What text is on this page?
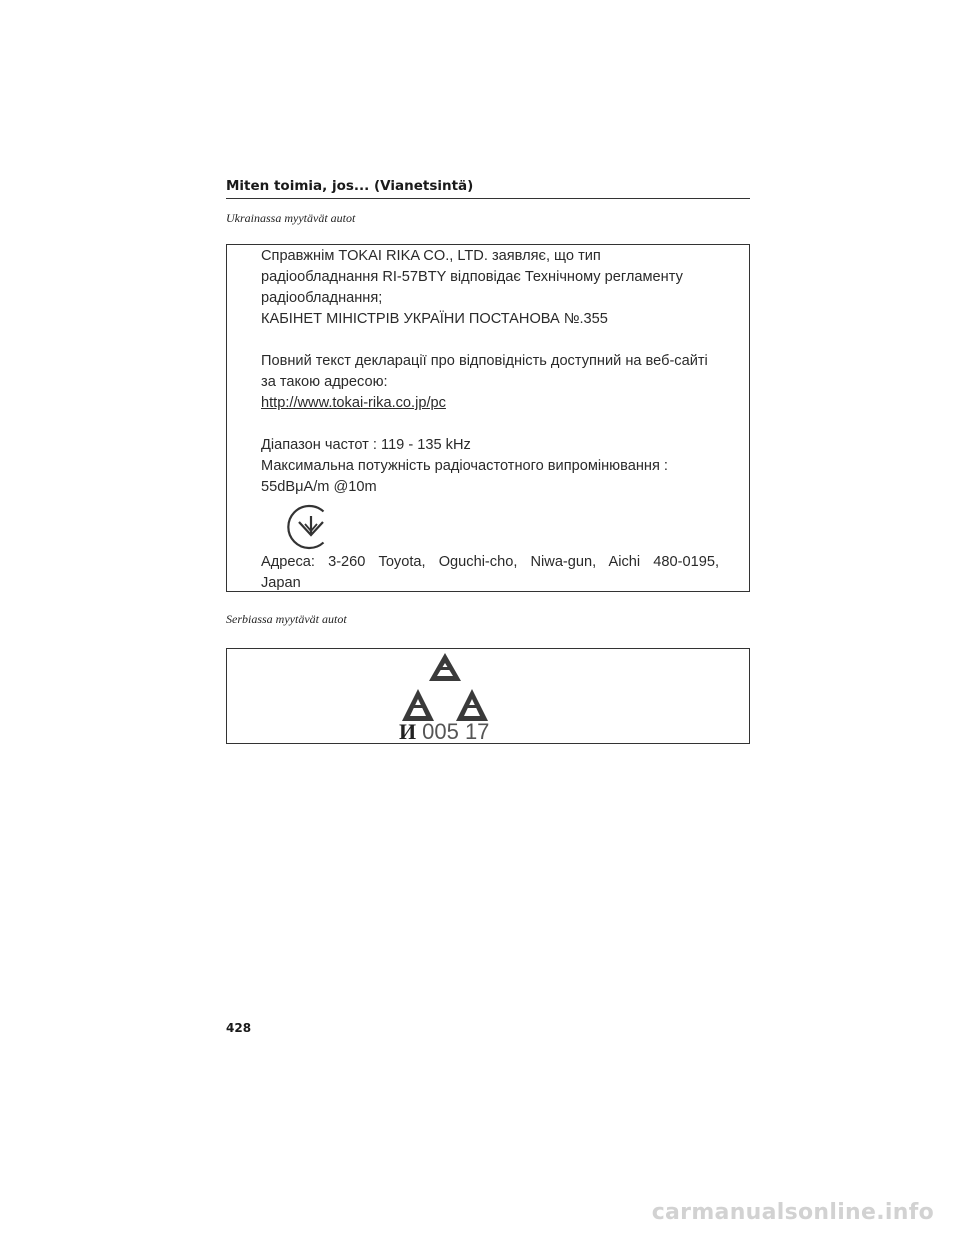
Miten toimia, jos... (Vianetsintä)
Ukrainassa myytävät autot

Справжнім TOKAI RIKA CO., LTD. заявляє, що тип

радіообладнання RI-57BTY відповідає Технічному регламенту

радіообладнання;

КАБІНЕТ МІНІСТРІВ УКРАЇНИ ПОСТАНОВА №.355

Повний текст декларації про відповідність доступний на веб-сайті

за такою адресою:

http://www.tokai-rika.co.jp/pc

Діапазон частот : 119 - 135 kHz

Максимальна потужність радіочастотного випромінювання :

55dBμA/m @10m

Адреса: 3-260 Toyota, Oguchi-cho, Niwa-gun, Aichi 480-0195,

Japan

Serbiassa myytävät autot
И 005 17
428
carmanualsonline.info
